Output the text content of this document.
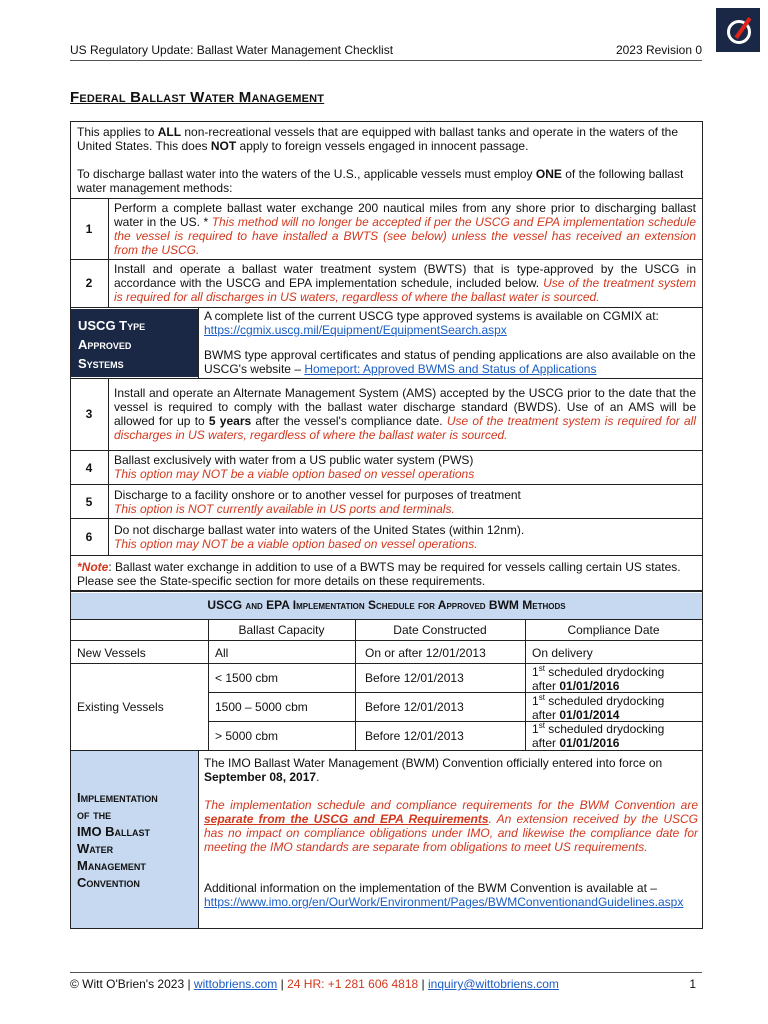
US Regulatory Update: Ballast Water Management Checklist	2023 Revision 0
Federal Ballast Water Management
This applies to ALL non-recreational vessels that are equipped with ballast tanks and operate in the waters of the United States. This does NOT apply to foreign vessels engaged in innocent passage.
To discharge ballast water into the waters of the U.S., applicable vessels must employ ONE of the following ballast water management methods:
1
Perform a complete ballast water exchange 200 nautical miles from any shore prior to discharging ballast water in the US. * This method will no longer be accepted if per the USCG and EPA implementation schedule the vessel is required to have installed a BWTS (see below) unless the vessel has received an extension from the USCG.
2
Install and operate a ballast water treatment system (BWTS) that is type-approved by the USCG in accordance with the USCG and EPA implementation schedule, included below. Use of the treatment system is required for all discharges in US waters, regardless of where the ballast water is sourced.
USCG Type
Approved
Systems
A complete list of the current USCG type approved systems is available on CGMIX at:
https://cgmix.uscg.mil/Equipment/EquipmentSearch.aspx
BWMS type approval certificates and status of pending applications are also available on the USCG's website – Homeport: Approved BWMS and Status of Applications
3
Install and operate an Alternate Management System (AMS) accepted by the USCG prior to the date that the vessel is required to comply with the ballast water discharge standard (BWDS). Use of an AMS will be allowed for up to 5 years after the vessel's compliance date. Use of the treatment system is required for all discharges in US waters, regardless of where the ballast water is sourced.
4
Ballast exclusively with water from a US public water system (PWS)
This option may NOT be a viable option based on vessel operations
5	Discharge to a facility onshore or to another vessel for purposes of treatment
This option is NOT currently available in US ports and terminals.
6	Do not discharge ballast water into waters of the United States (within 12nm).
This option may NOT be a viable option based on vessel operations.
*Note: Ballast water exchange in addition to use of a BWTS may be required for vessels calling certain US states. Please see the State-specific section for more details on these requirements.
USCG and EPA Implementation Schedule for Approved BWM Methods
Ballast Capacity	Date Constructed	Compliance Date
New Vessels	All	On or after 12/01/2013	On delivery
Existing Vessels
< 1500 cbm	Before 12/01/2013	1st scheduled drydocking
after 01/01/2016
1500 – 5000 cbm	Before 12/01/2013	1st scheduled drydocking
after 01/01/2014
> 5000 cbm	Before 12/01/2013	1st scheduled drydocking
after 01/01/2016
Implementation
of the
IMO Ballast
Water
Management
Convention
The IMO Ballast Water Management (BWM) Convention officially entered into force on September 08, 2017.
The implementation schedule and compliance requirements for the BWM Convention are separate from the USCG and EPA Requirements. An extension received by the USCG has no impact on compliance obligations under IMO, and likewise the compliance date for meeting the IMO standards are separate from obligations to meet US requirements.
Additional information on the implementation of the BWM Convention is available at –
https://www.imo.org/en/OurWork/Environment/Pages/BWMConventionandGuidelines.aspx
© Witt O'Brien's 2023 | wittobriens.com | 24 HR: +1 281 606 4818 | inquiry@wittobriens.com	1
